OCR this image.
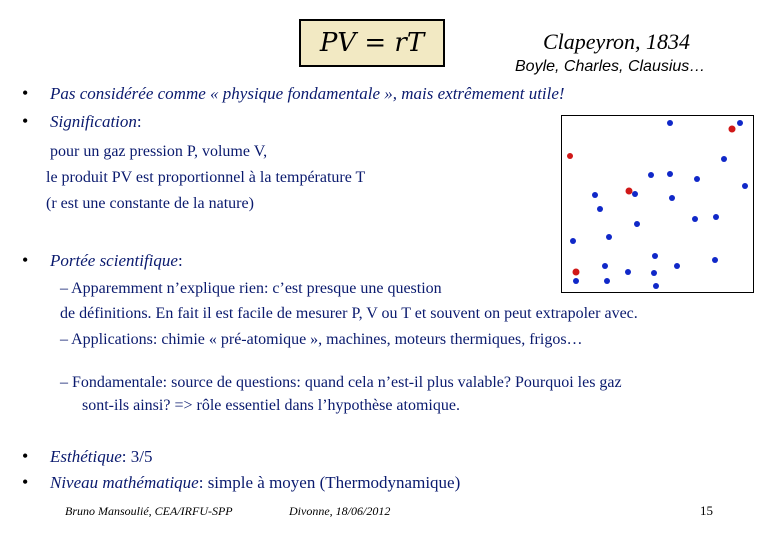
PV = rT	Clapeyron, 1834
Boyle, Charles, Clausius…
• Pas considérée comme « physique fondamentale », mais extrêmement utile!
• Signification:
pour un gaz pression P, volume V,
le produit PV est proportionnel à la température T
(r est une constante de la nature)
• Portée scientifique:
– Apparemment n’explique rien: c’est presque une question
de définitions. En fait il est facile de mesurer P, V ou T et souvent on peut extrapoler avec.
– Applications: chimie « pré-atomique », machines, moteurs thermiques, frigos…
– Fondamentale: source de questions: quand cela n’est-il plus valable? Pourquoi les gaz
sont-ils ainsi? => rôle essentiel dans l’hypothèse atomique.
• Esthétique: 3/5
• Niveau mathématique: simple à moyen (Thermodynamique)
Bruno Mansoulié, CEA/IRFU-SPP	Divonne, 18/06/2012	15
